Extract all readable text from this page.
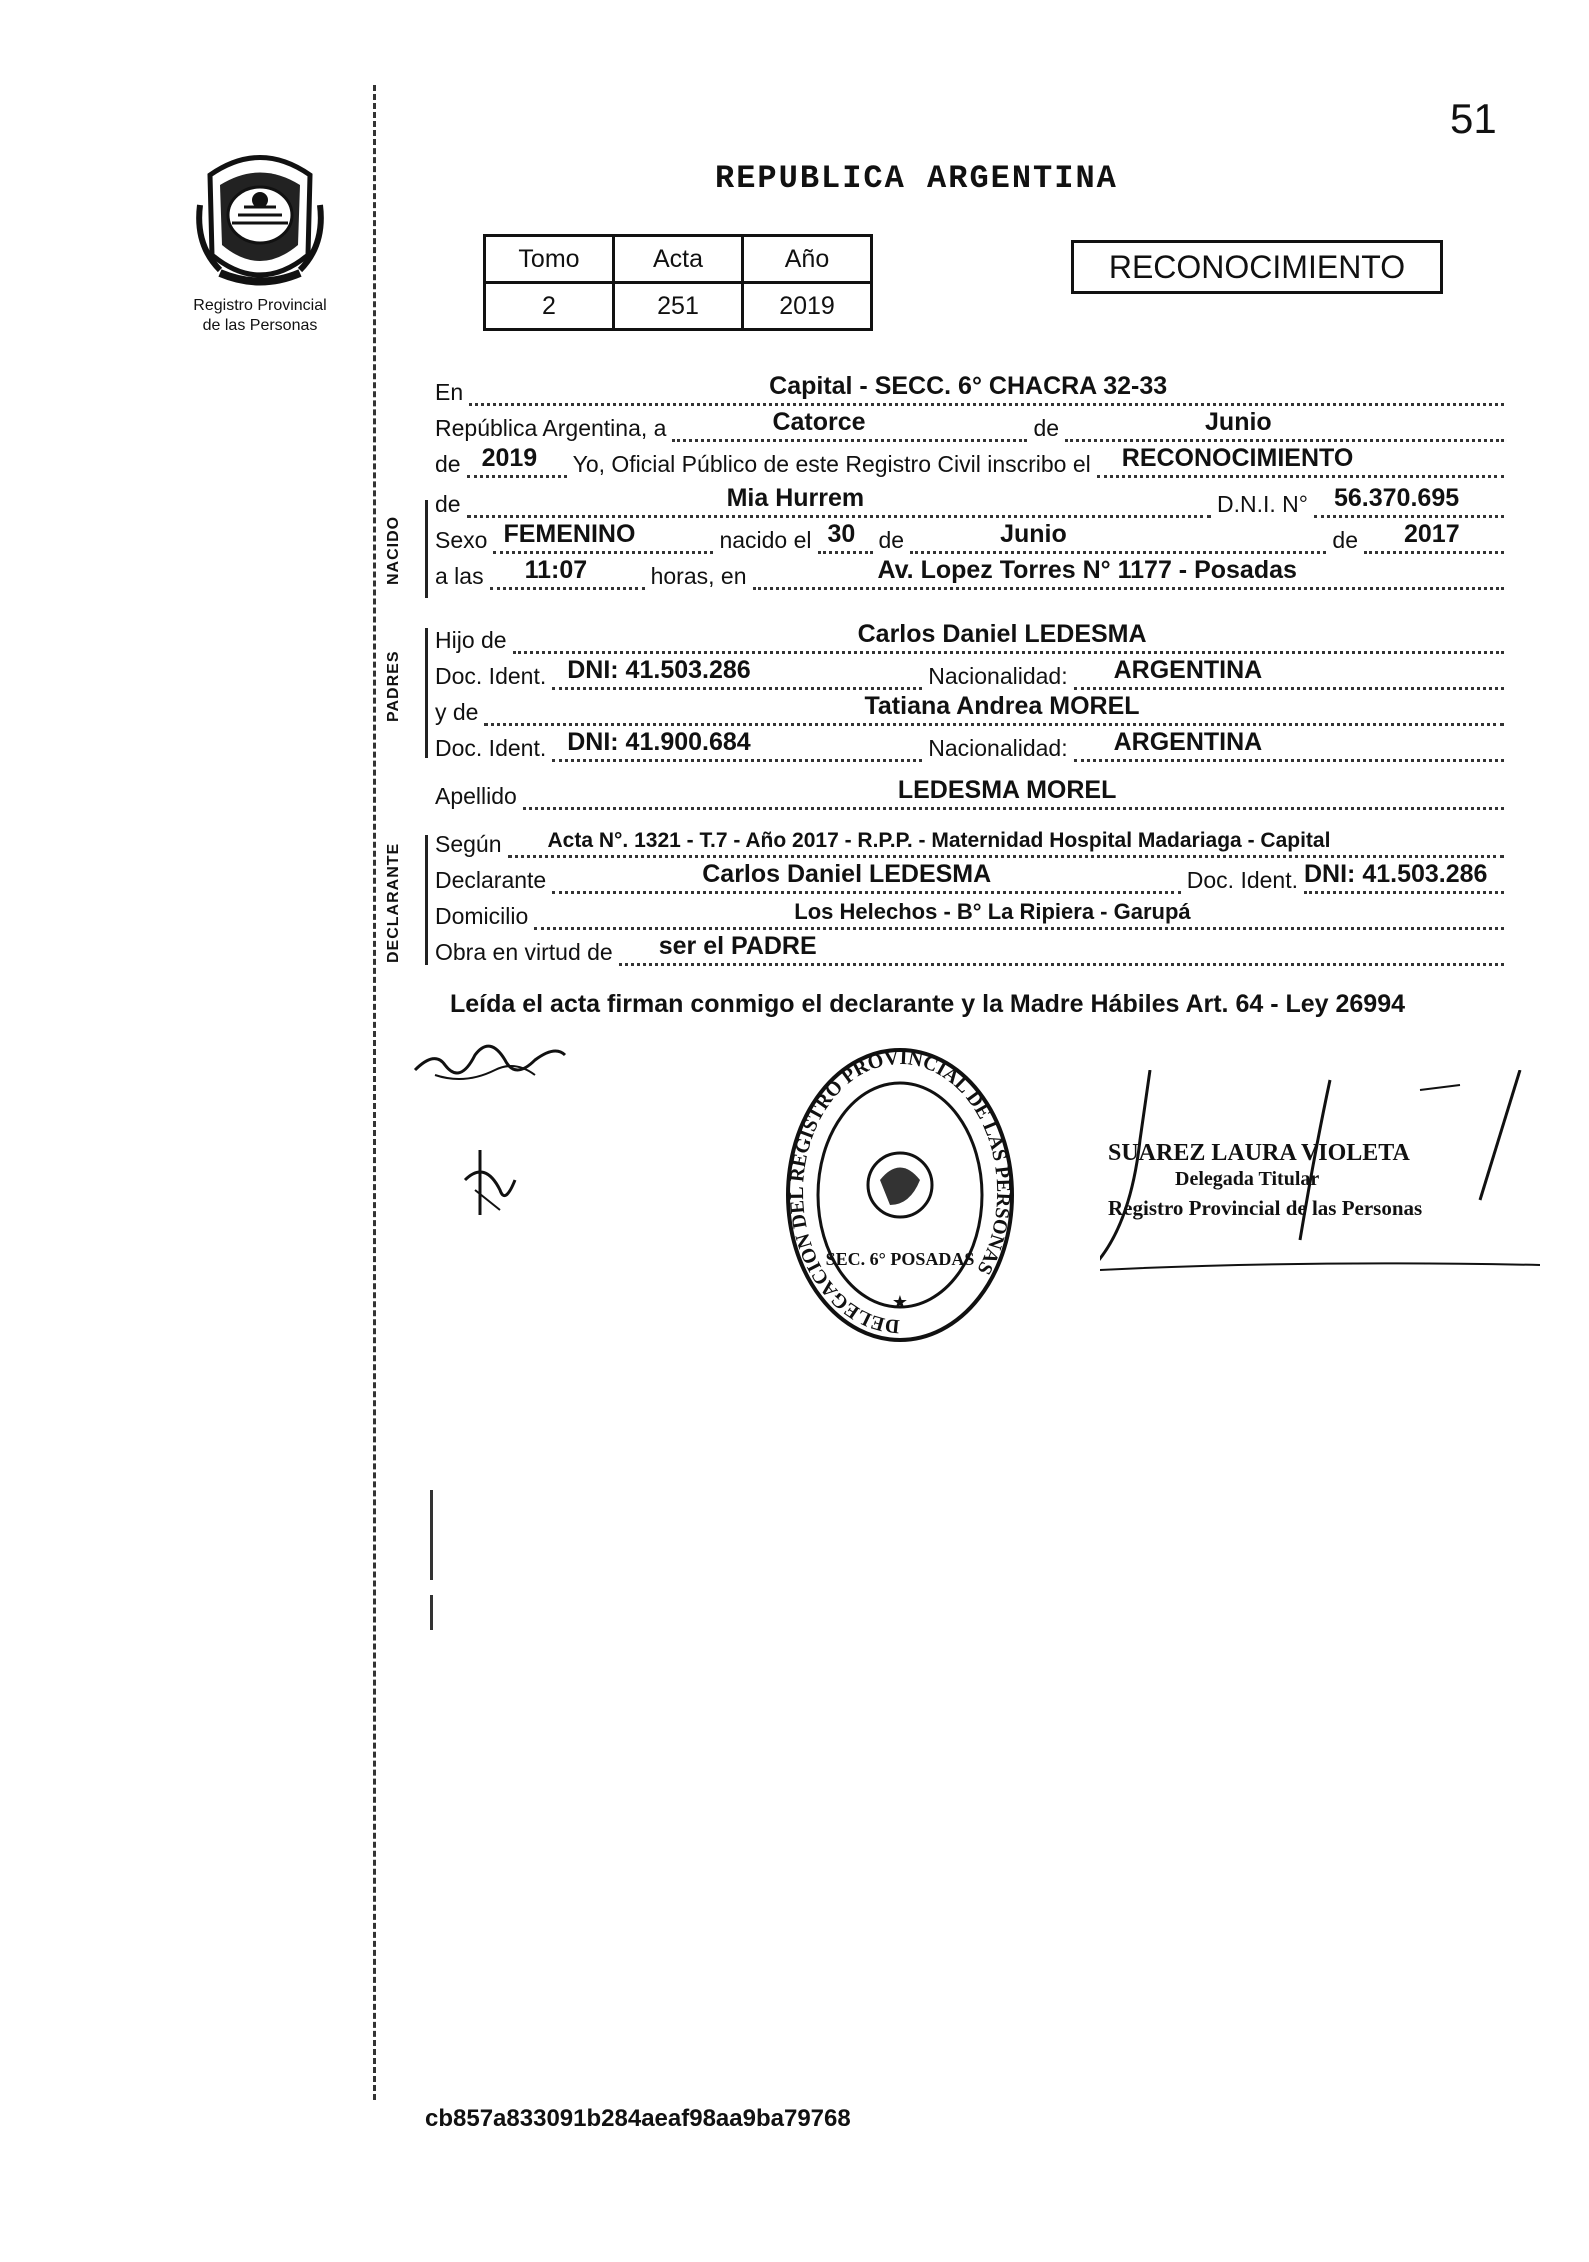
51
Registro Provincial
de las Personas
REPUBLICA ARGENTINA
Tomo	Acta	Año
2	251	2019
RECONOCIMIENTO
NACIDO
PADRES
DECLARANTE
En	Capital - SECC. 6° CHACRA 32-33
República Argentina, a	Catorce	de	Junio
de 2019 Yo, Oficial Público de este Registro Civil inscribo el RECONOCIMIENTO
de	Mia Hurrem	D.N.I. N° 56.370.695
Sexo FEMENINO	nacido el 30 de	Junio	de 2017
a las 11:07	horas, en	Av. Lopez Torres N° 1177 - Posadas
Hijo de	Carlos Daniel LEDESMA
Doc. Ident. DNI: 41.503.286	Nacionalidad: ARGENTINA
y de	Tatiana Andrea MOREL
Doc. Ident. DNI: 41.900.684	Nacionalidad: ARGENTINA
Apellido	LEDESMA MOREL
Según Acta N°. 1321 - T.7 - Año 2017 - R.P.P. - Maternidad Hospital Madariaga - Capital
Declarante	Carlos Daniel LEDESMA	Doc. Ident. DNI: 41.503.286
Domicilio	Los Helechos - B° La Ripiera - Garupá
Obra en virtud de ser el PADRE
Leída el acta firman conmigo el declarante y la Madre Hábiles Art. 64 - Ley 26994
DELEGACION DEL REGISTRO PROVINCIAL DE LAS PERSONAS
SEC. 6° POSADAS
★
SUAREZ LAURA VIOLETA
Delegada Titular
Registro Provincial de las Personas
cb857a833091b284aeaf98aa9ba79768
